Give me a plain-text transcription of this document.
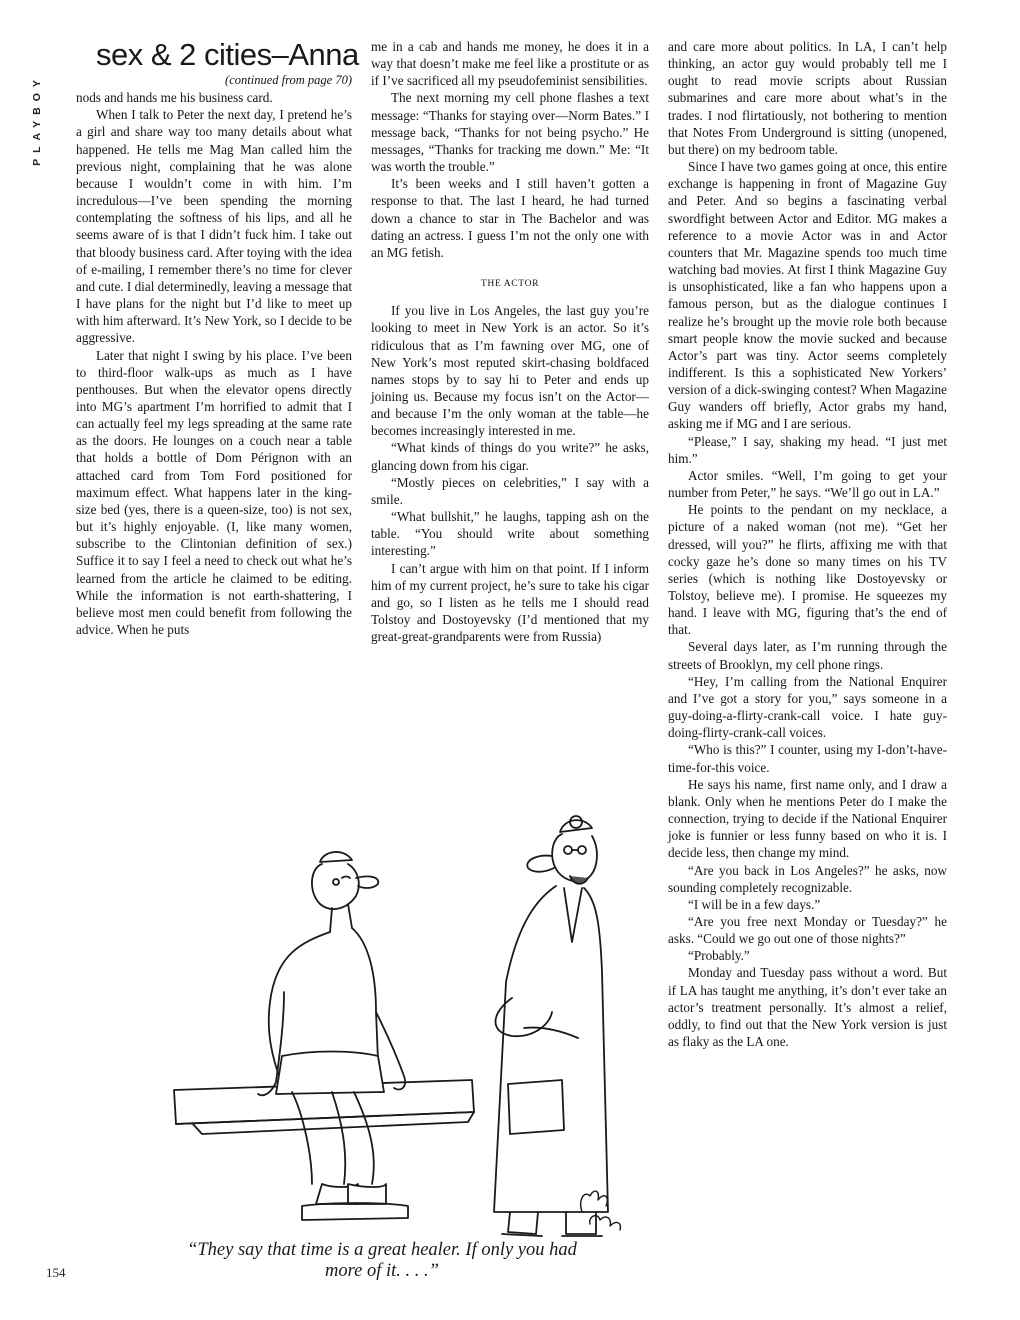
PLAYBOY

sex & 2 cities–Anna

(continued from page 70)

nods and hands me his business card.

When I talk to Peter the next day, I pretend he’s a girl and share way too many details about what happened. He tells me Mag Man called him the previous night, complaining that he was alone because I wouldn’t come in with him. I’m incredulous—I’ve been spending the morning contemplating the softness of his lips, and all he seems aware of is that I didn’t fuck him. I take out that bloody business card. After toying with the idea of e-mailing, I remember there’s no time for clever and cute. I dial determinedly, leaving a message that I have plans for the night but I’d like to meet up with him afterward. It’s New York, so I decide to be aggressive.

Later that night I swing by his place. I’ve been to third-floor walk-ups as much as I have penthouses. But when the elevator opens directly into MG’s apartment I’m horrified to admit that I can actually feel my legs spreading at the same rate as the doors. He lounges on a couch near a table that holds a bottle of Dom Pérignon with an attached card from Tom Ford positioned for maximum effect. What happens later in the king-size bed (yes, there is a queen-size, too) is not sex, but it’s highly enjoyable. (I, like many women, subscribe to the Clintonian definition of sex.) Suffice it to say I feel a need to check out what he’s learned from the article he claimed to be editing. While the information is not earth-shattering, I believe most men could benefit from following the advice. When he puts

me in a cab and hands me money, he does it in a way that doesn’t make me feel like a prostitute or as if I’ve sacrificed all my pseudofeminist sensibilities.

The next morning my cell phone flashes a text message: “Thanks for staying over—Norm Bates.” I message back, “Thanks for not being psycho.” He messages, “Thanks for tracking me down.” Me: “It was worth the trouble.”

It’s been weeks and I still haven’t gotten a response to that. The last I heard, he had turned down a chance to star in The Bachelor and was dating an actress. I guess I’m not the only one with an MG fetish.

THE ACTOR

If you live in Los Angeles, the last guy you’re looking to meet in New York is an actor. So it’s ridiculous that as I’m fawning over MG, one of New York’s most reputed skirt-chasing boldfaced names stops by to say hi to Peter and ends up joining us. Because my focus isn’t on the Actor—and because I’m the only woman at the table—he becomes increasingly interested in me.

“What kinds of things do you write?” he asks, glancing down from his cigar.

“Mostly pieces on celebrities,” I say with a smile.

“What bullshit,” he laughs, tapping ash on the table. “You should write about something interesting.”

I can’t argue with him on that point. If I inform him of my current project, he’s sure to take his cigar and go, so I listen as he tells me I should read Tolstoy and Dostoyevsky (I’d mentioned that my great-great-grandparents were from Russia)

and care more about politics. In LA, I can’t help thinking, an actor guy would probably tell me I ought to read movie scripts about Russian submarines and care more about what’s in the trades. I nod flirtatiously, not bothering to mention that Notes From Underground is sitting (unopened, but there) on my bedroom table.

Since I have two games going at once, this entire exchange is happening in front of Magazine Guy and Peter. And so begins a fascinating verbal swordfight between Actor and Editor. MG makes a reference to a movie Actor was in and Actor counters that Mr. Magazine spends too much time watching bad movies. At first I think Magazine Guy is unsophisticated, like a fan who happens upon a famous person, but as the dialogue continues I realize he’s brought up the movie role both because smart people know the movie sucked and because Actor’s part was tiny. Actor seems completely indifferent. Is this a sophisticated New Yorkers’ version of a dick-swinging contest? When Magazine Guy wanders off briefly, Actor grabs my hand, asking me if MG and I are serious.

“Please,” I say, shaking my head. “I just met him.”

Actor smiles. “Well, I’m going to get your number from Peter,” he says. “We’ll go out in LA.”

He points to the pendant on my necklace, a picture of a naked woman (not me). “Get her dressed, will you?” he flirts, affixing me with that cocky gaze he’s done so many times on his TV series (which is nothing like Dostoyevsky or Tolstoy, believe me). I promise. He squeezes my hand. I leave with MG, figuring that’s the end of that.

Several days later, as I’m running through the streets of Brooklyn, my cell phone rings.

“Hey, I’m calling from the National Enquirer and I’ve got a story for you,” says someone in a guy-doing-a-flirty-crank-call voice. I hate guy-doing-flirty-crank-call voices.

“Who is this?” I counter, using my I-don’t-have-time-for-this voice.

He says his name, first name only, and I draw a blank. Only when he mentions Peter do I make the connection, trying to decide if the National Enquirer joke is funnier or less funny based on who it is. I decide less, then change my mind.

“Are you back in Los Angeles?” he asks, now sounding completely recognizable.

“I will be in a few days.”

“Are you free next Monday or Tuesday?” he asks. “Could we go out one of those nights?”

“Probably.”

Monday and Tuesday pass without a word. But if LA has taught me anything, it’s don’t ever take an actor’s treatment personally. It’s almost a relief, oddly, to find out that the New York version is just as flaky as the LA one.

“They say that time is a great healer. If only you had
more of it. . . .”
154
